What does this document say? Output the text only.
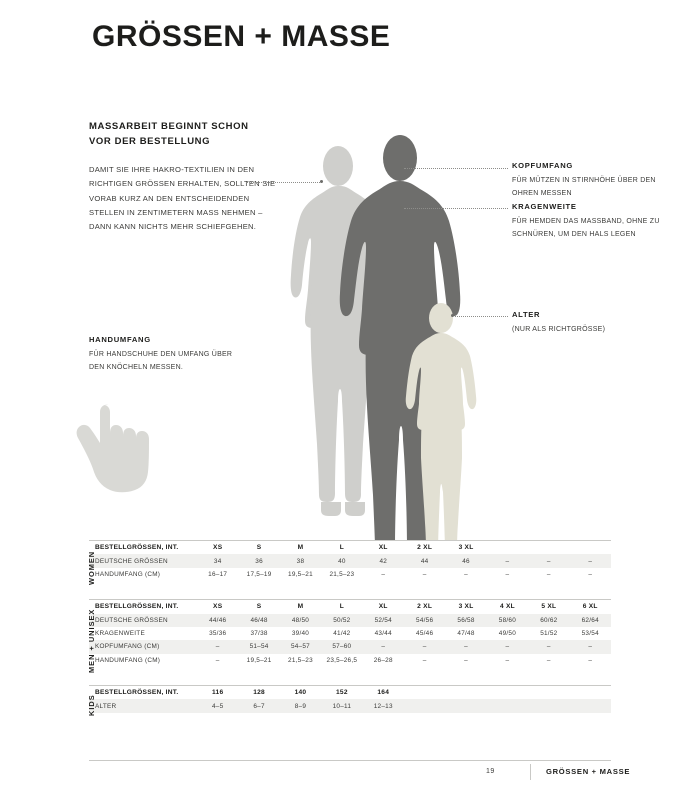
GRÖSSEN + MASSE
MASSARBEIT BEGINNT SCHON
VOR DER BESTELLUNG

DAMIT SIE IHRE HAKRO-TEXTILIEN IN DEN RICHTIGEN GRÖSSEN ERHALTEN, SOLLTEN SIE VORAB KURZ AN DEN ENTSCHEIDENDEN STELLEN IN ZENTIMETERN MASS NEHMEN – DANN KANN NICHTS MEHR SCHIEFGEHEN.

KOPFUMFANG
FÜR MÜTZEN IN STIRNHÖHE ÜBER DEN OHREN MESSEN
KRAGENWEITE
FÜR HEMDEN DAS MASSBAND, OHNE ZU SCHNÜREN, UM DEN HALS LEGEN
ALTER
(NUR ALS RICHTGRÖSSE)
HANDUMFANG
FÜR HANDSCHUHE DEN UMFANG ÜBER DEN KNÖCHELN MESSEN.
WOMEN
BESTELLGRÖSSEN, INT.	XS	S	M	L	XL	2 XL	3 XL			
DEUTSCHE GRÖSSEN	34	36	38	40	42	44	46	–	–	–
HANDUMFANG (CM)	16–17	17,5–19	19,5–21	21,5–23	–	–	–	–	–	–
MEN + UNISEX
BESTELLGRÖSSEN, INT.	XS	S	M	L	XL	2 XL	3 XL	4 XL	5 XL	6 XL
DEUTSCHE GRÖSSEN	44/46	46/48	48/50	50/52	52/54	54/56	56/58	58/60	60/62	62/64
KRAGENWEITE	35/36	37/38	39/40	41/42	43/44	45/46	47/48	49/50	51/52	53/54
KOPFUMFANG (CM)	–	51–54	54–57	57–60	–	–	–	–	–	–
HANDUMFANG (CM)	–	19,5–21	21,5–23	23,5–26,5	26–28	–	–	–	–	–
KIDS
BESTELLGRÖSSEN, INT.	116	128	140	152	164					
ALTER	4–5	6–7	8–9	10–11	12–13					
19	GRÖSSEN + MASSE
